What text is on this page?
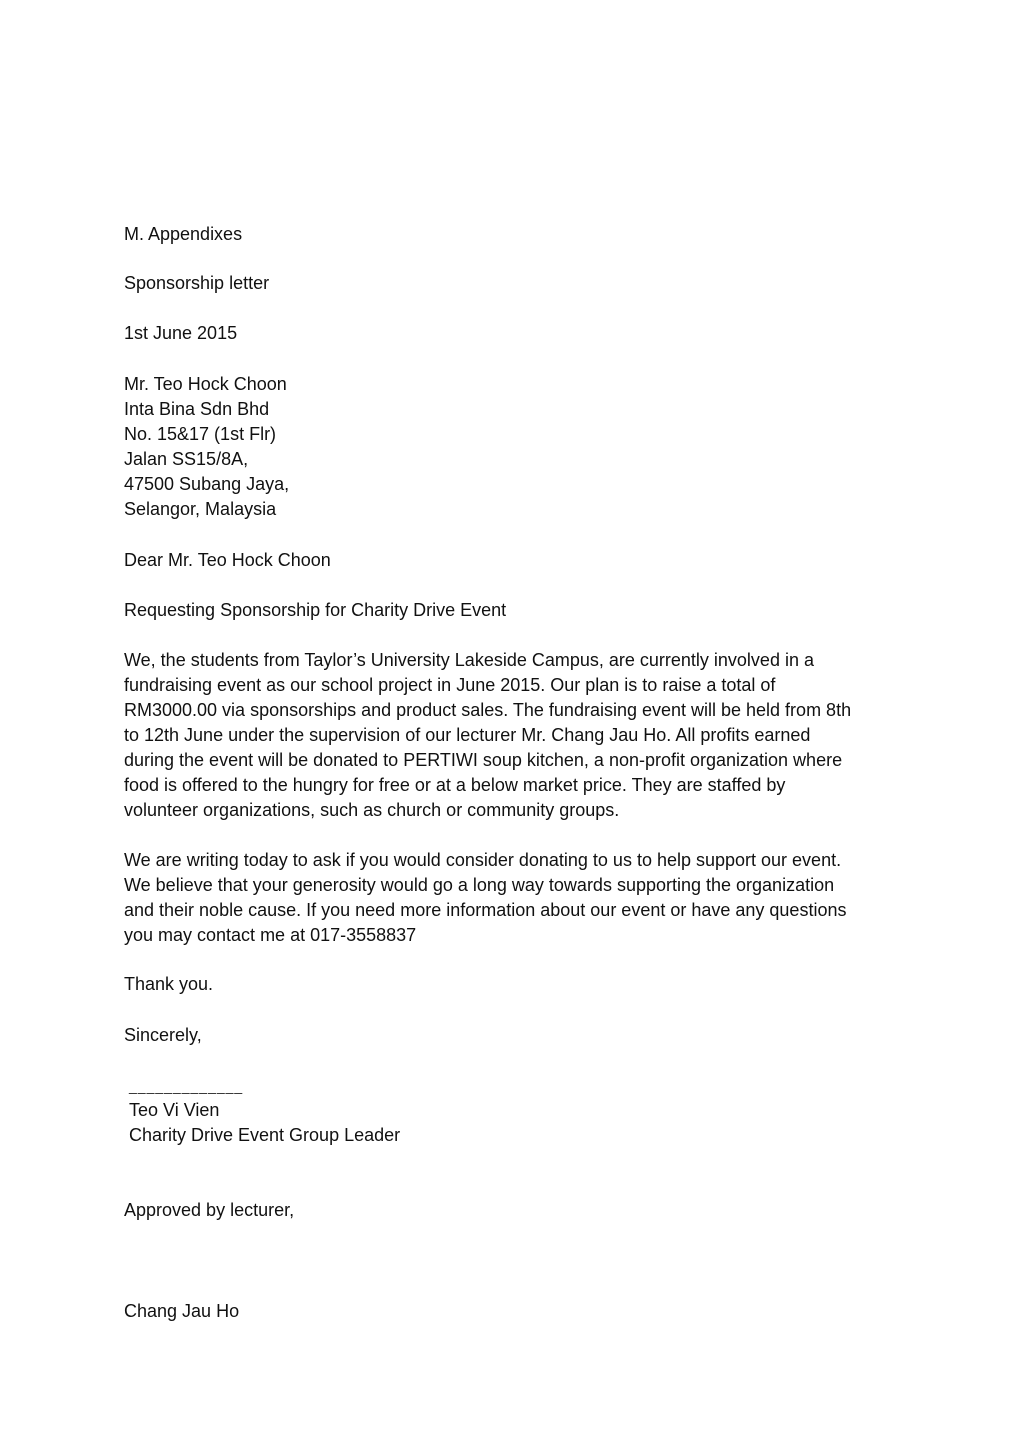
M. Appendixes
Sponsorship letter
1st June 2015
Mr. Teo Hock Choon
Inta Bina Sdn Bhd
No. 15&17 (1st Flr)
Jalan SS15/8A,
47500 Subang Jaya,
Selangor, Malaysia
Dear Mr. Teo Hock Choon
Requesting Sponsorship for Charity Drive Event
We, the students from Taylor’s University Lakeside Campus, are currently involved in a
fundraising event as our school project in June 2015. Our plan is to raise a total of
RM3000.00 via sponsorships and product sales. The fundraising event will be held from 8th
to 12th June under the supervision of our lecturer Mr. Chang Jau Ho. All profits earned
during the event will be donated to PERTIWI soup kitchen, a non-profit organization where
food is offered to the hungry for free or at a below market price. They are staffed by
volunteer organizations, such as church or community groups.
We are writing today to ask if you would consider donating to us to help support our event.
We believe that your generosity would go a long way towards supporting the organization
and their noble cause. If you need more information about our event or have any questions
you may contact me at 017-3558837
Thank you.
Sincerely,
_____________
Teo Vi Vien
Charity Drive Event Group Leader
Approved by lecturer,
Chang Jau Ho
